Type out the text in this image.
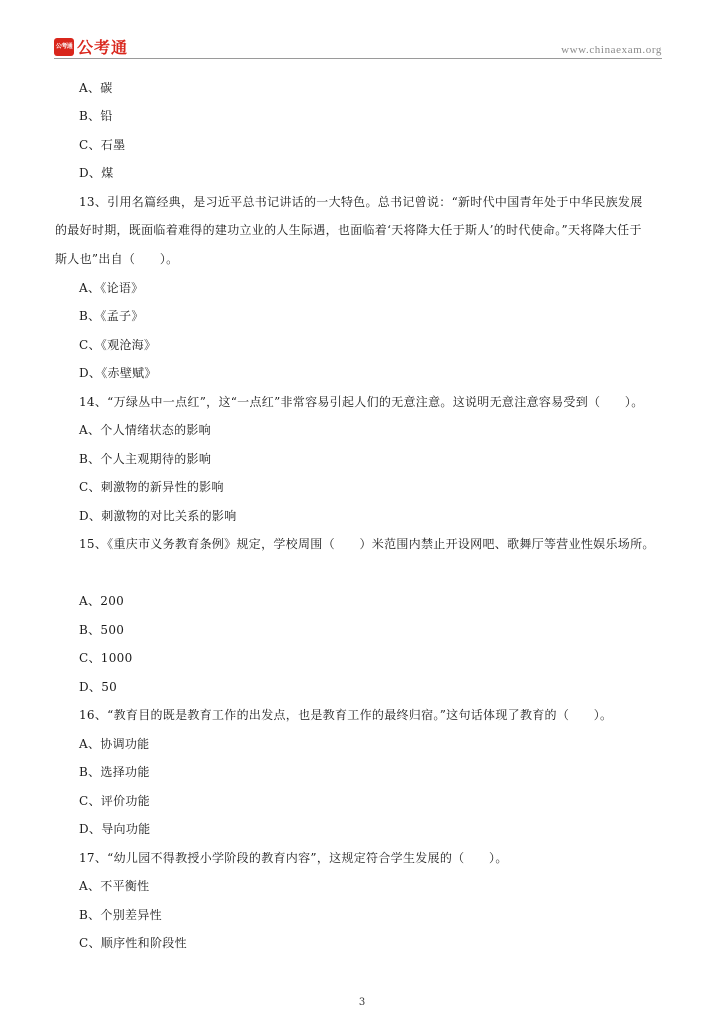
公考通 公考通	www.chinaexam.org
A、碳
B、铅
C、石墨
D、煤
13、引用名篇经典，是习近平总书记讲话的一大特色。总书记曾说：“新时代中国青年处于中华民族发展
的最好时期，既面临着难得的建功立业的人生际遇，也面临着‘天将降大任于斯人’的时代使命。”天将降大任于
斯人也”出自（　　）。
A、《论语》
B、《孟子》
C、《观沧海》
D、《赤壁赋》
14、“万绿丛中一点红”，这“一点红”非常容易引起人们的无意注意。这说明无意注意容易受到（　　）。
A、个人情绪状态的影响
B、个人主观期待的影响
C、刺激物的新异性的影响
D、刺激物的对比关系的影响
15、《重庆市义务教育条例》规定，学校周围（　　）米范围内禁止开设网吧、歌舞厅等营业性娱乐场所。
A、200
B、500
C、1000
D、50
16、“教育目的既是教育工作的出发点，也是教育工作的最终归宿。”这句话体现了教育的（　　）。
A、协调功能
B、选择功能
C、评价功能
D、导向功能
17、“幼儿园不得教授小学阶段的教育内容”，这规定符合学生发展的（　　）。
A、不平衡性
B、个别差异性
C、顺序性和阶段性
3
